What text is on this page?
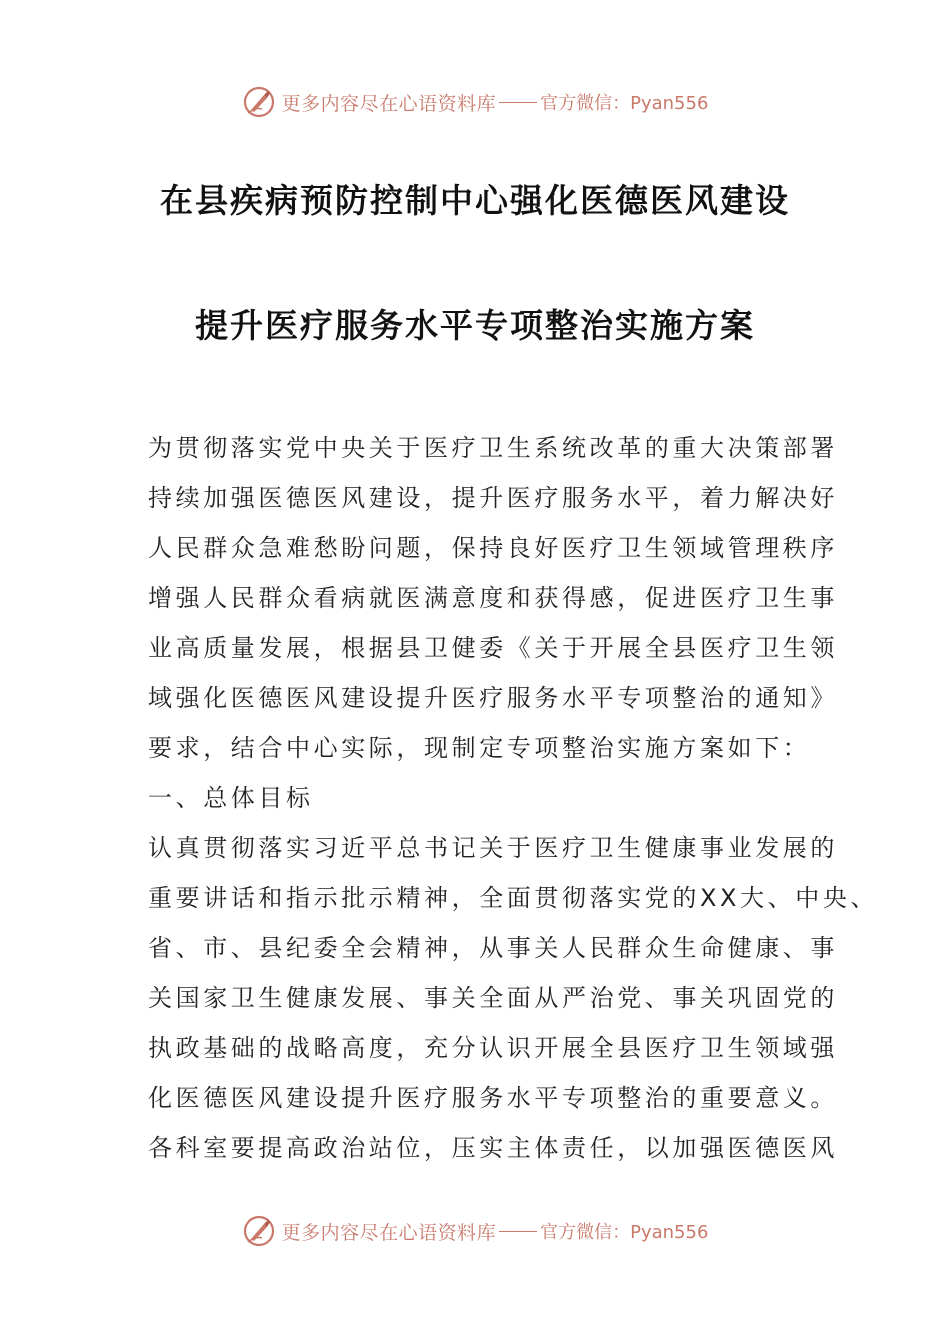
更多内容尽在心语资料库 官方微信：Pyan556
在县疾病预防控制中心强化医德医风建设
提升医疗服务水平专项整治实施方案

为贯彻落实党中央关于医疗卫生系统改革的重大决策部署

持续加强医德医风建设，提升医疗服务水平，着力解决好

人民群众急难愁盼问题，保持良好医疗卫生领域管理秩序

增强人民群众看病就医满意度和获得感，促进医疗卫生事

业高质量发展，根据县卫健委《关于开展全县医疗卫生领

域强化医德医风建设提升医疗服务水平专项整治的通知》

要求，结合中心实际，现制定专项整治实施方案如下：

一、总体目标

认真贯彻落实习近平总书记关于医疗卫生健康事业发展的

重要讲话和指示批示精神，全面贯彻落实党的XX大、中央、

省、市、县纪委全会精神，从事关人民群众生命健康、事

关国家卫生健康发展、事关全面从严治党、事关巩固党的

执政基础的战略高度，充分认识开展全县医疗卫生领域强

化医德医风建设提升医疗服务水平专项整治的重要意义。

各科室要提高政治站位，压实主体责任，以加强医德医风

更多内容尽在心语资料库 官方微信：Pyan556
